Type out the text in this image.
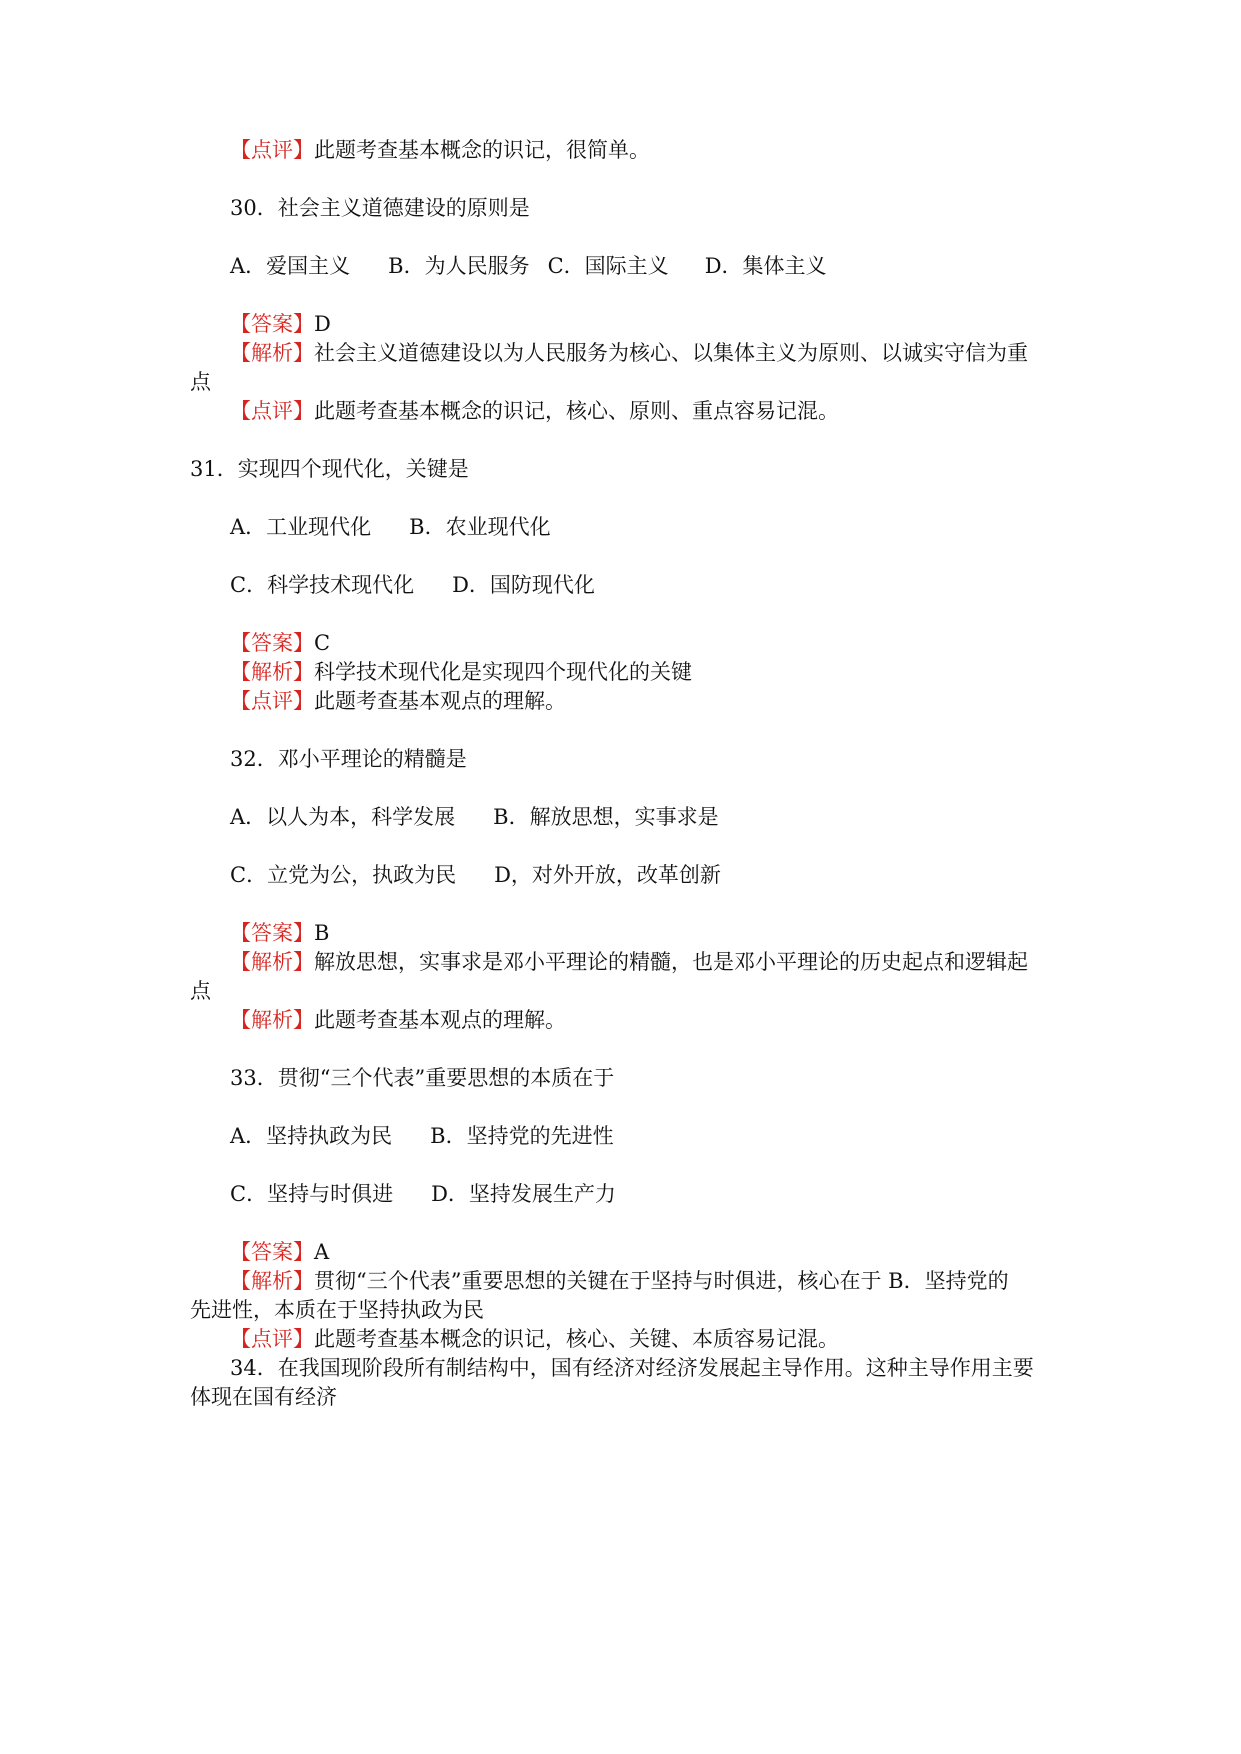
【点评】此题考查基本概念的识记，很简单。
30．社会主义道德建设的原则是
A．爱国主义 B．为人民服务 C．国际主义 D．集体主义
【答案】D
【解析】社会主义道德建设以为人民服务为核心、以集体主义为原则、以诚实守信为重
点
【点评】此题考查基本概念的识记，核心、原则、重点容易记混。
31．实现四个现代化，关键是
A．工业现代化 B．农业现代化
C．科学技术现代化 D．国防现代化
【答案】C
【解析】科学技术现代化是实现四个现代化的关键
【点评】此题考查基本观点的理解。
32．邓小平理论的精髓是
A．以人为本，科学发展 B．解放思想，实事求是
C．立党为公，执政为民 D，对外开放，改革创新
【答案】B
【解析】解放思想，实事求是邓小平理论的精髓，也是邓小平理论的历史起点和逻辑起
点
【解析】此题考查基本观点的理解。
33．贯彻“三个代表”重要思想的本质在于
A．坚持执政为民 B．坚持党的先进性
C．坚持与时俱进 D．坚持发展生产力
【答案】A
【解析】贯彻“三个代表”重要思想的关键在于坚持与时俱进，核心在于 B．坚持党的
先进性，本质在于坚持执政为民
【点评】此题考查基本概念的识记，核心、关键、本质容易记混。
34．在我国现阶段所有制结构中，国有经济对经济发展起主导作用。这种主导作用主要
体现在国有经济
